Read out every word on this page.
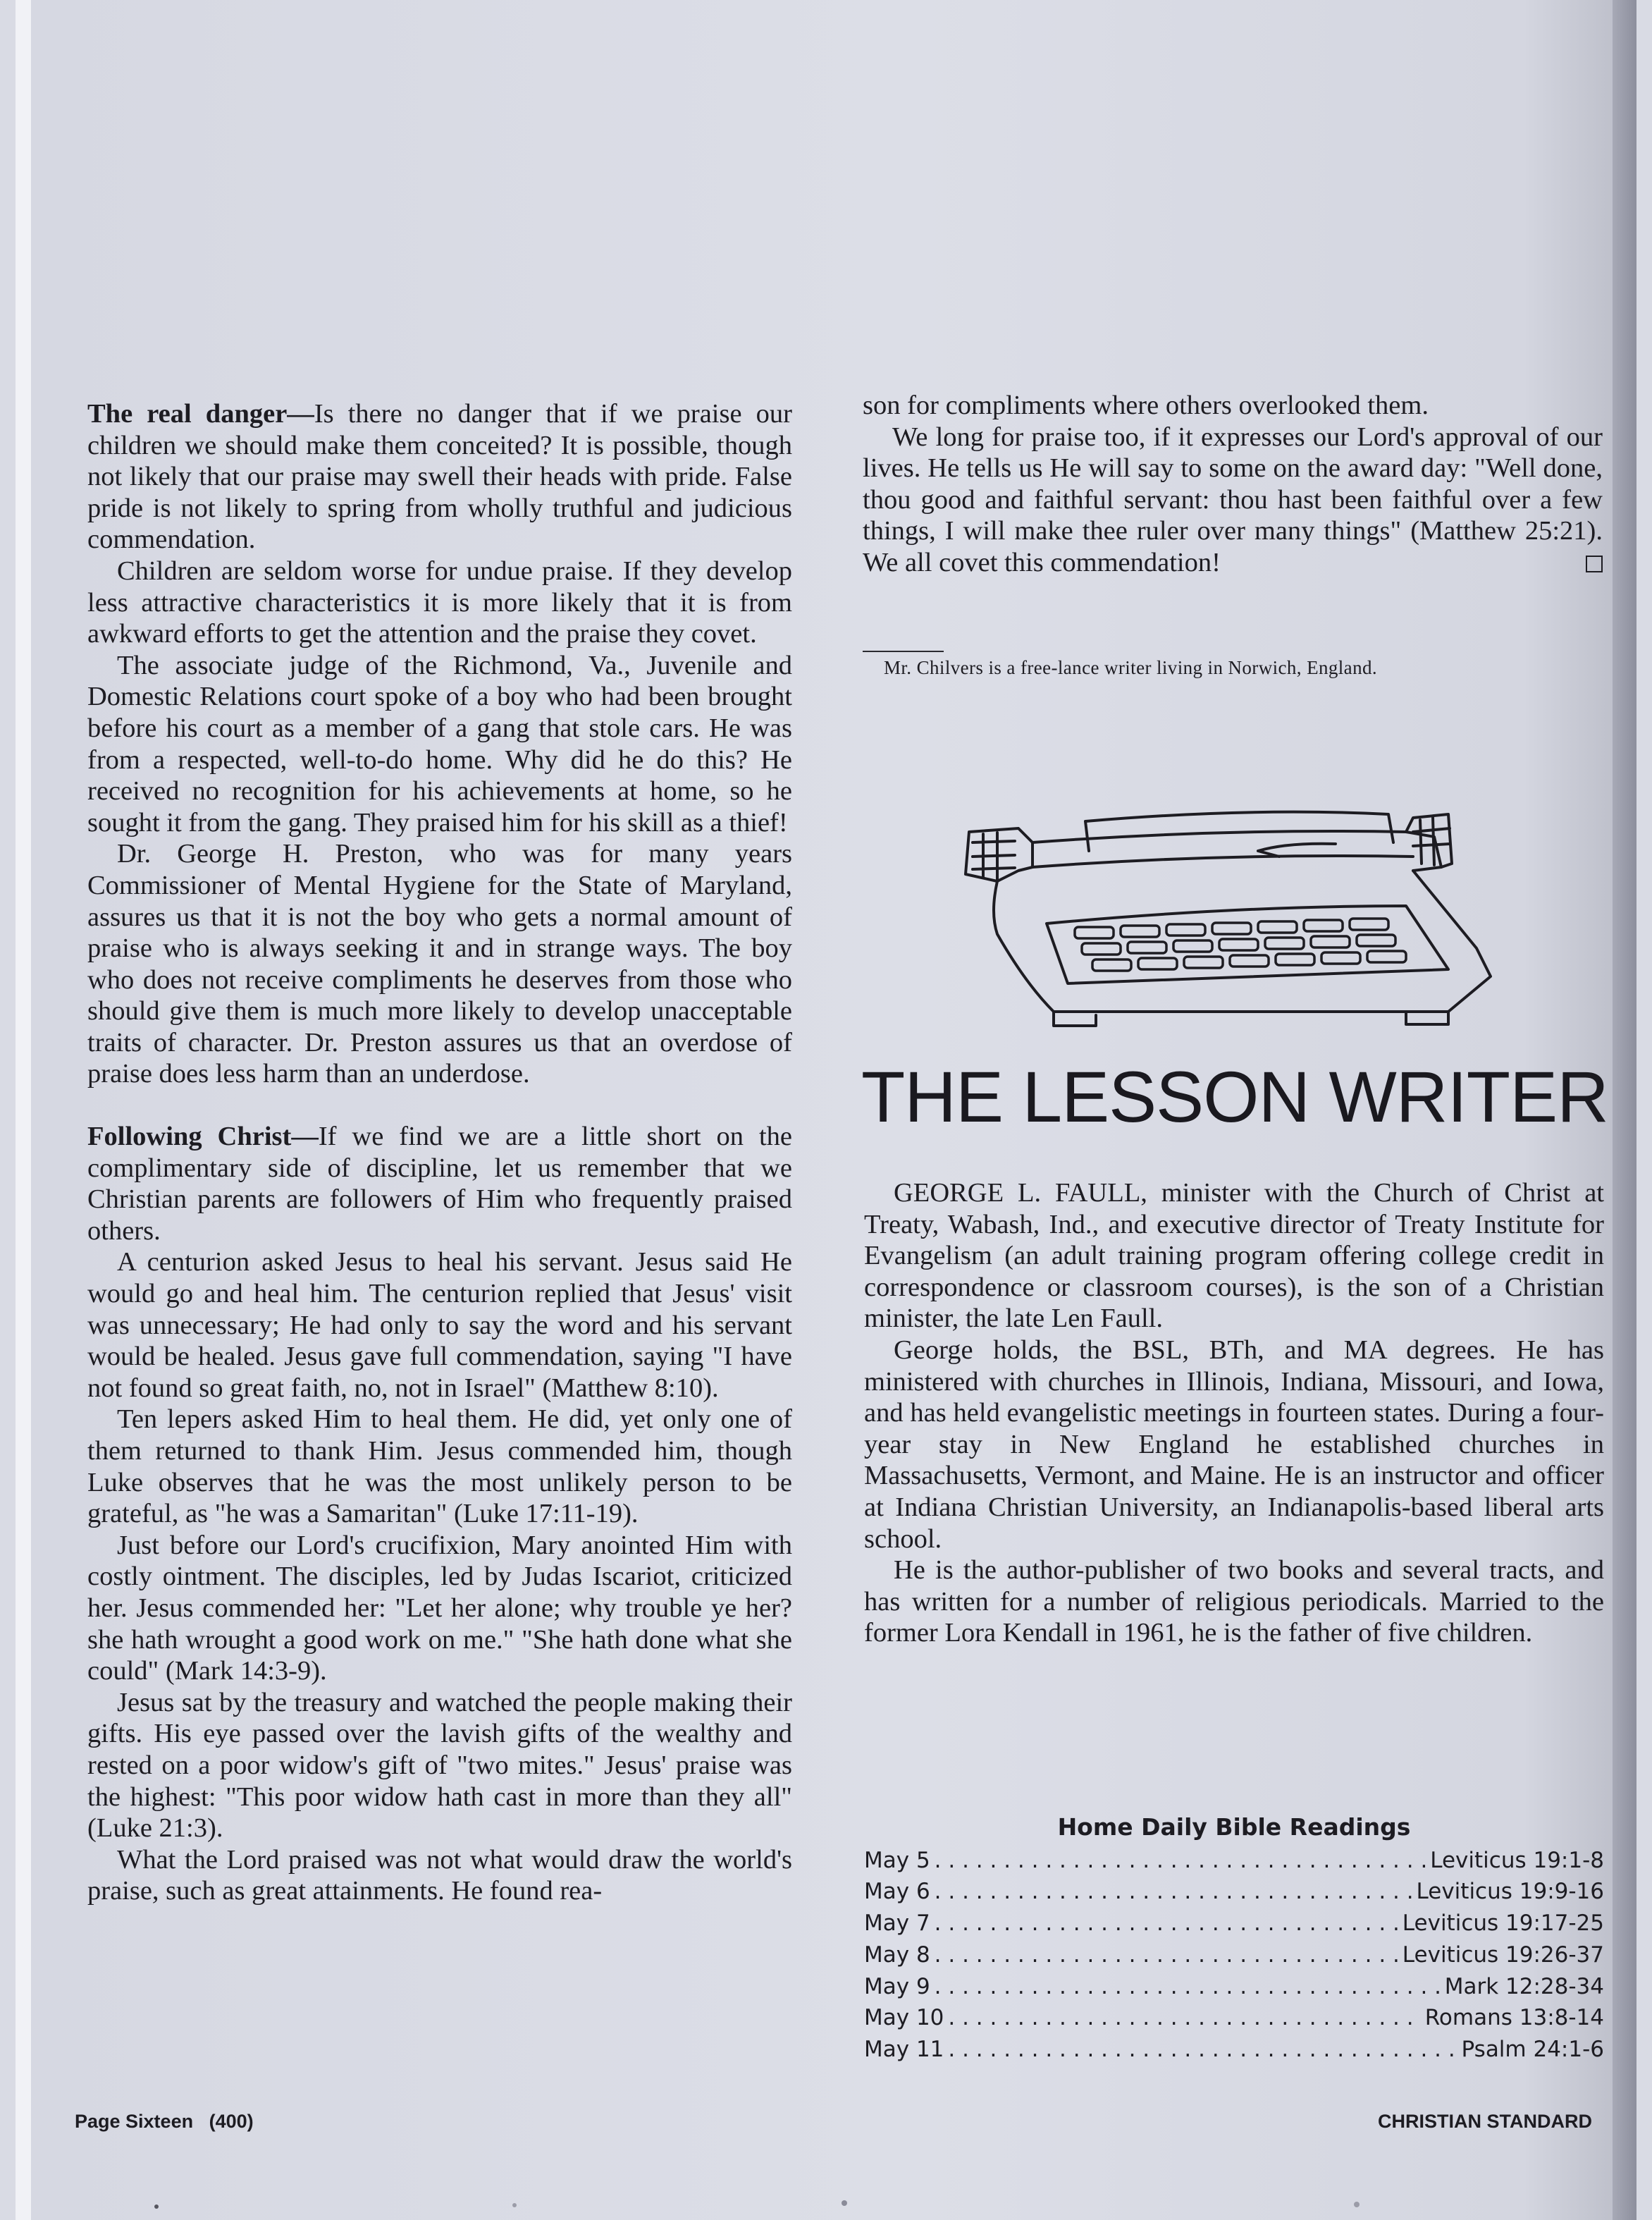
The real danger—Is there no danger that if we praise our children we should make them conceited? It is possible, though not likely that our praise may swell their heads with pride. False pride is not likely to spring from wholly truthful and judicious commendation.

Children are seldom worse for undue praise. If they develop less attractive characteristics it is more likely that it is from awkward efforts to get the attention and the praise they covet.

The associate judge of the Richmond, Va., Juvenile and Domestic Relations court spoke of a boy who had been brought before his court as a member of a gang that stole cars. He was from a respected, well-to-do home. Why did he do this? He received no recognition for his achievements at home, so he sought it from the gang. They praised him for his skill as a thief!

Dr. George H. Preston, who was for many years Commissioner of Mental Hygiene for the State of Maryland, assures us that it is not the boy who gets a normal amount of praise who is always seeking it and in strange ways. The boy who does not receive compliments he deserves from those who should give them is much more likely to develop unacceptable traits of character. Dr. Preston assures us that an overdose of praise does less harm than an underdose.

Following Christ—If we find we are a little short on the complimentary side of discipline, let us remember that we Christian parents are followers of Him who frequently praised others.

A centurion asked Jesus to heal his servant. Jesus said He would go and heal him. The centurion replied that Jesus' visit was unnecessary; He had only to say the word and his servant would be healed. Jesus gave full commendation, saying "I have not found so great faith, no, not in Israel" (Matthew 8:10).

Ten lepers asked Him to heal them. He did, yet only one of them returned to thank Him. Jesus commended him, though Luke observes that he was the most unlikely person to be grateful, as "he was a Samaritan" (Luke 17:11-19).

Just before our Lord's crucifixion, Mary anointed Him with costly ointment. The disciples, led by Judas Iscariot, criticized her. Jesus commended her: "Let her alone; why trouble ye her? she hath wrought a good work on me." "She hath done what she could" (Mark 14:3-9).

Jesus sat by the treasury and watched the people making their gifts. His eye passed over the lavish gifts of the wealthy and rested on a poor widow's gift of "two mites." Jesus' praise was the highest: "This poor widow hath cast in more than they all" (Luke 21:3).

What the Lord praised was not what would draw the world's praise, such as great attainments. He found rea-

son for compliments where others overlooked them.

We long for praise too, if it expresses our Lord's approval of our lives. He tells us He will say to some on the award day: "Well done, thou good and faithful servant: thou hast been faithful over a few things, I will make thee ruler over many things" (Matthew 25:21). We all covet this commendation!

Mr. Chilvers is a free-lance writer living in Norwich, England.
THE LESSON WRITER

GEORGE L. FAULL, minister with the Church of Christ at Treaty, Wabash, Ind., and executive director of Treaty Institute for Evangelism (an adult training program offering college credit in correspondence or classroom courses), is the son of a Christian minister, the late Len Faull.

George holds, the BSL, BTh, and MA degrees. He has ministered with churches in Illinois, Indiana, Missouri, and Iowa, and has held evangelistic meetings in fourteen states. During a four-year stay in New England he established churches in Massachusetts, Vermont, and Maine. He is an instructor and officer at Indiana Christian University, an Indianapolis-based liberal arts school.

He is the author-publisher of two books and several tracts, and has written for a number of religious periodicals. Married to the former Lora Kendall in 1961, he is the father of five children.

Home Daily Bible Readings
May 5 . . .	Leviticus 19:1-8
May 6 . . .	Leviticus 19:9-16
May 7 . . .	Leviticus 19:17-25
May 8 . . .	Leviticus 19:26-37
May 9 . . .	Mark 12:28-34
May 10 . . .	Romans 13:8-14
May 11 . . .	Psalm 24:1-6
Page Sixteen   (400)	CHRISTIAN STANDARD
